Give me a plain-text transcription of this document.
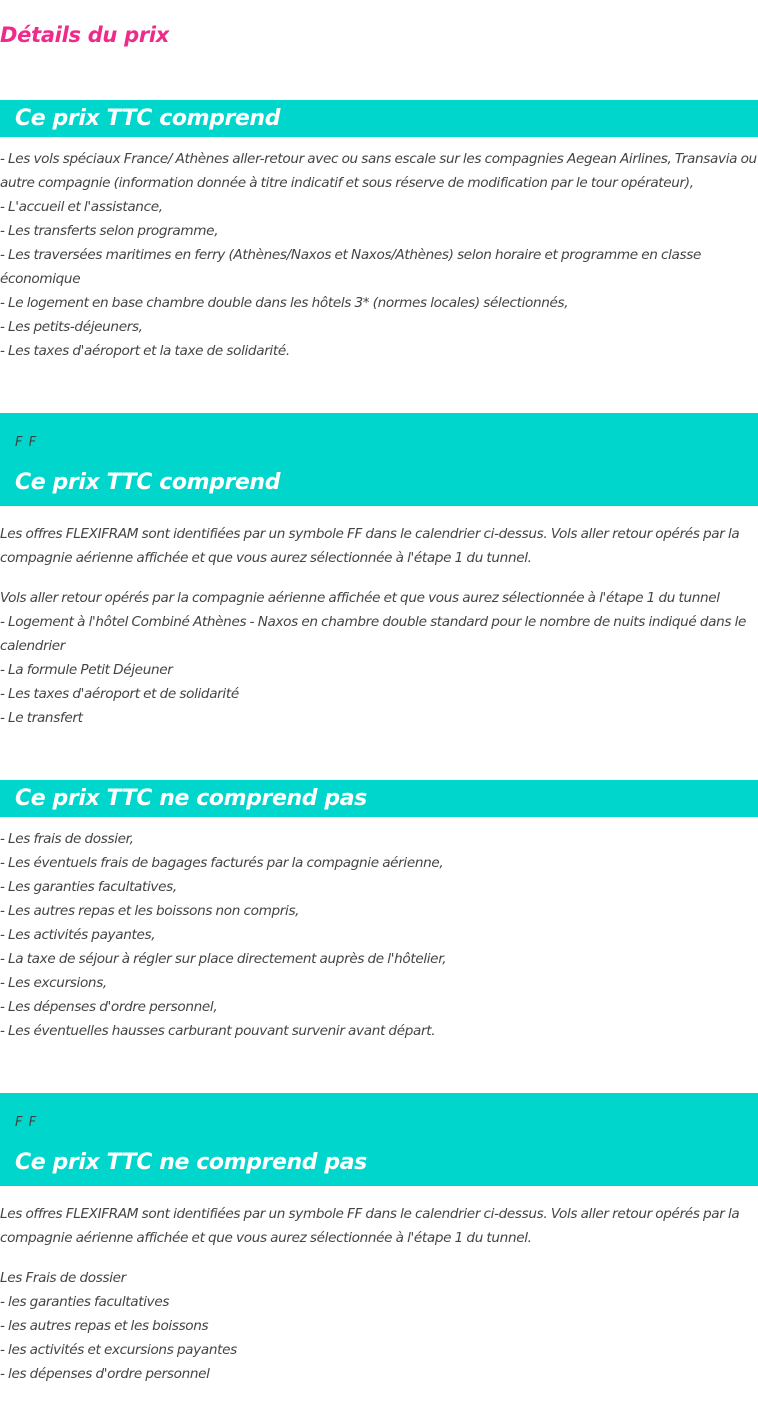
Détails du prix
Ce prix TTC comprend
- Les vols spéciaux France/ Athènes aller-retour avec ou sans escale sur les compagnies Aegean Airlines, Transavia ou autre compagnie (information donnée à titre indicatif et sous réserve de modification par le tour opérateur),
- L'accueil et l'assistance,
- Les transferts selon programme,
- Les traversées maritimes en ferry (Athènes/Naxos et Naxos/Athènes) selon horaire et programme en classe économique
- Le logement en base chambre double dans les hôtels 3* (normes locales) sélectionnés,
- Les petits-déjeuners,
- Les taxes d'aéroport et la taxe de solidarité.
F F
Ce prix TTC comprend

Les offres FLEXIFRAM sont identifiées par un symbole FF dans le calendrier ci-dessus. Vols aller retour opérés par la compagnie aérienne affichée et que vous aurez sélectionnée à l'étape 1 du tunnel.

Vols aller retour opérés par la compagnie aérienne affichée et que vous aurez sélectionnée à l'étape 1 du tunnel
- Logement à l'hôtel Combiné Athènes - Naxos en chambre double standard pour le nombre de nuits indiqué dans le calendrier
- La formule Petit Déjeuner
- Les taxes d'aéroport et de solidarité
- Le transfert
Ce prix TTC ne comprend pas
- Les frais de dossier,
- Les éventuels frais de bagages facturés par la compagnie aérienne,
- Les garanties facultatives,
- Les autres repas et les boissons non compris,
- Les activités payantes,
- La taxe de séjour à régler sur place directement auprès de l'hôtelier,
- Les excursions,
- Les dépenses d'ordre personnel,
- Les éventuelles hausses carburant pouvant survenir avant départ.
F F
Ce prix TTC ne comprend pas

Les offres FLEXIFRAM sont identifiées par un symbole FF dans le calendrier ci-dessus. Vols aller retour opérés par la compagnie aérienne affichée et que vous aurez sélectionnée à l'étape 1 du tunnel.

Les Frais de dossier
- les garanties facultatives
- les autres repas et les boissons
- les activités et excursions payantes
- les dépenses d'ordre personnel
